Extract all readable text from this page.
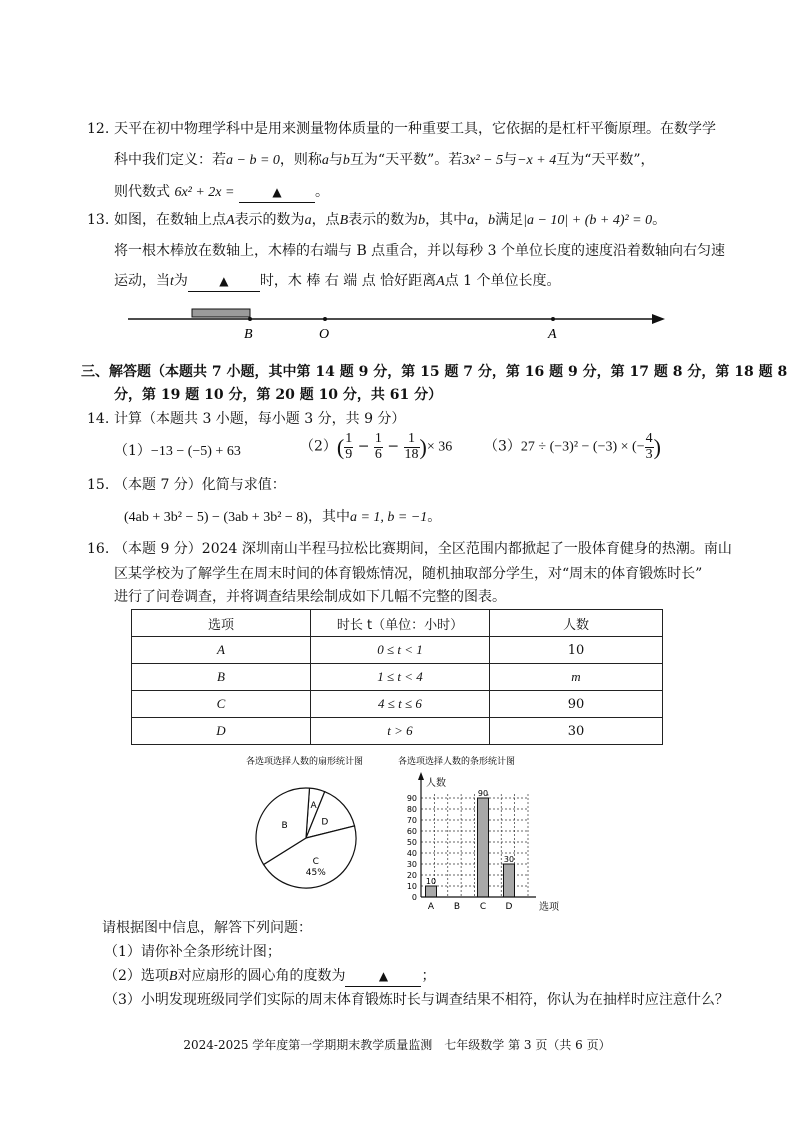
12. 天平在初中物理学科中是用来测量物体质量的一种重要工具，它依据的是杠杆平衡原理。在数学学
科中我们定义：若a − b = 0，则称a与b互为“天平数”。若3x² − 5与−x + 4互为“天平数”，
则代数式 6x² + 2x =	▲ 。
13. 如图，在数轴上点A表示的数为a，点B表示的数为b，其中a，b满足|a − 10| + (b + 4)² = 0。
将一根木棒放在数轴上，木棒的右端与 B 点重合，并以每秒 3 个单位长度的速度沿着数轴向右匀速
运动，当t为	▲ 时，木 棒 右 端 点 恰好距离A点 1 个单位长度。
B	O	A
三、解答题（本题共 7 小题，其中第 14 题 9 分，第 15 题 7 分，第 16 题 9 分，第 17 题 8 分，第 18 题 8
分，第 19 题 10 分，第 20 题 10 分，共 61 分）
14. 计算（本题共 3 小题，每小题 3 分，共 9 分）
（1）−13 − (−5) + 63	$(2)( \frac{1}{9} - \frac{1}{6} - \frac{1}{18}$ )× 36 （3）27 ÷ (−3)² − (−3) × (− $\frac{4}{3}$ )
15. （本题 7 分）化简与求值：
(4ab + 3b² − 5) − (3ab + 3b² − 8)，其中a = 1, b = −1。
16. （本题 9 分）2024 深圳南山半程马拉松比赛期间，全区范围内都掀起了一股体育健身的热潮。南山
区某学校为了解学生在周末时间的体育锻炼情况，随机抽取部分学生，对“周末的体育锻炼时长”
进行了问卷调查，并将调查结果绘制成如下几幅不完整的图表。
选项	时长 t（单位：小时）	人数
A	0 ≤ t < 1	10
B	1 ≤ t < 4	m
C	4 ≤ t ≤ 6	90
D	t > 6	30
各选项选择人数的扇形统计图
A
D
C
45%
B
各选项选择人数的条形统计图
人数
选项
10
90
30
0
10
20
30
40
50
60
70
80
90
A B C D
请根据图中信息，解答下列问题：
（1）请你补全条形统计图；
（2）选项B对应扇形的圆心角的度数为	▲ ；
（3）小明发现班级同学们实际的周末体育锻炼时长与调查结果不相符，你认为在抽样时应注意什么？
2024-2025 学年度第一学期期末教学质量监测　七年级数学 第 3 页（共 6 页）
